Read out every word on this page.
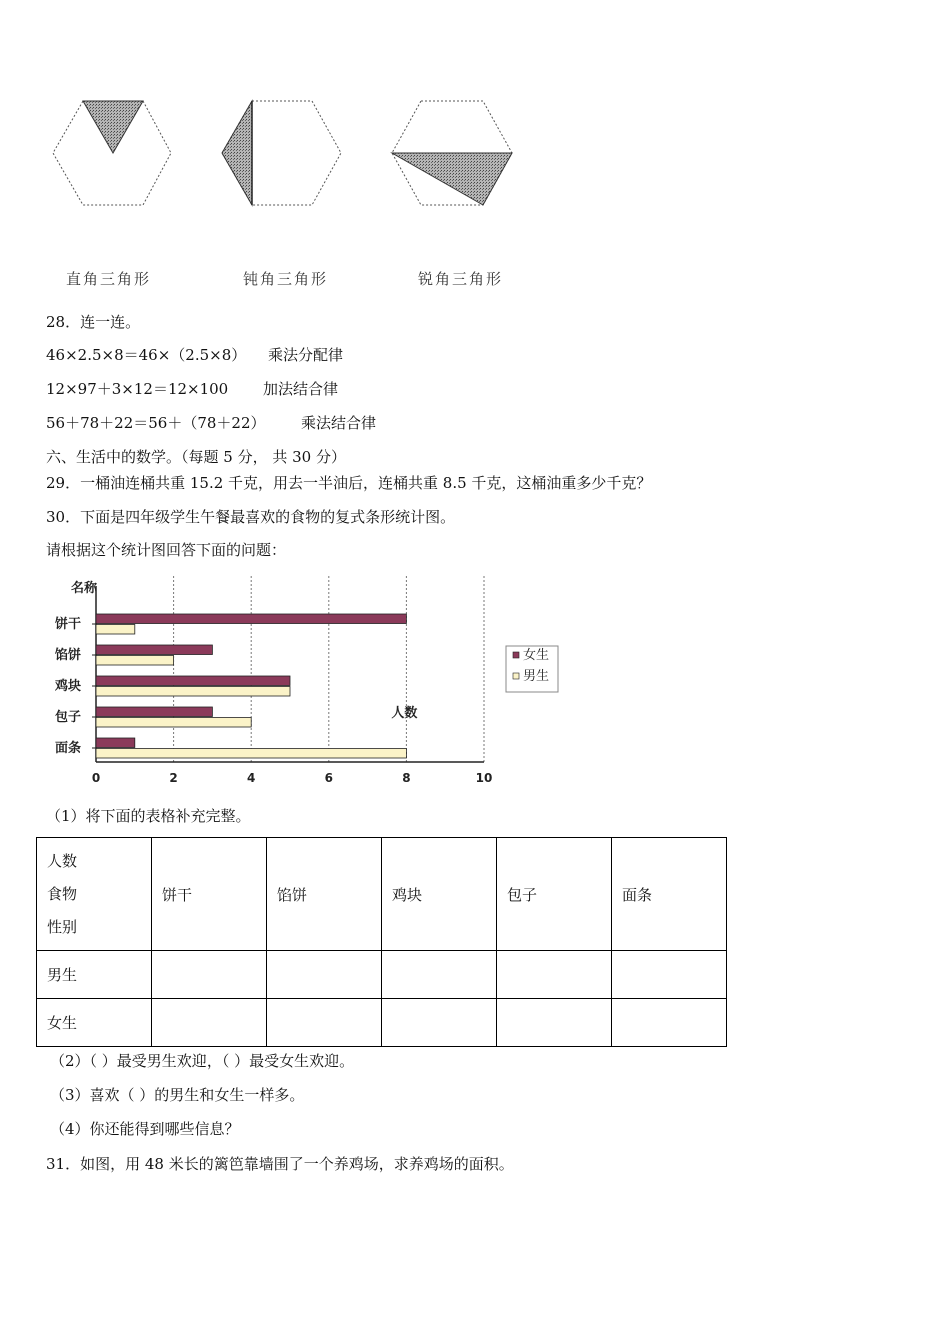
直角三角形	钝角三角形	锐角三角形
28．连一连。
46×2.5×8＝46×（2.5×8） 乘法分配律
12×97＋3×12＝12×100 加法结合律
56＋78＋22＝56＋（78＋22） 乘法结合律
六、生活中的数学。（每题 5 分， 共 30 分）
29．一桶油连桶共重 15.2 千克，用去一半油后，连桶共重 8.5 千克，这桶油重多少千克？
30．下面是四年级学生午餐最喜欢的食物的复式条形统计图。
请根据这个统计图回答下面的问题：
0	2	4	6	8	10
名称
人数
饼干
馅饼
鸡块
包子
面条
女生
男生
（1）将下面的表格补充完整。
人数
食物
性别	饼干	馅饼	鸡块	包子	面条
男生					
女生					
（2）（ ）最受男生欢迎，（ ）最受女生欢迎。
（3）喜欢（ ）的男生和女生一样多。
（4）你还能得到哪些信息？
31．如图，用 48 米长的篱笆靠墙围了一个养鸡场，求养鸡场的面积。
